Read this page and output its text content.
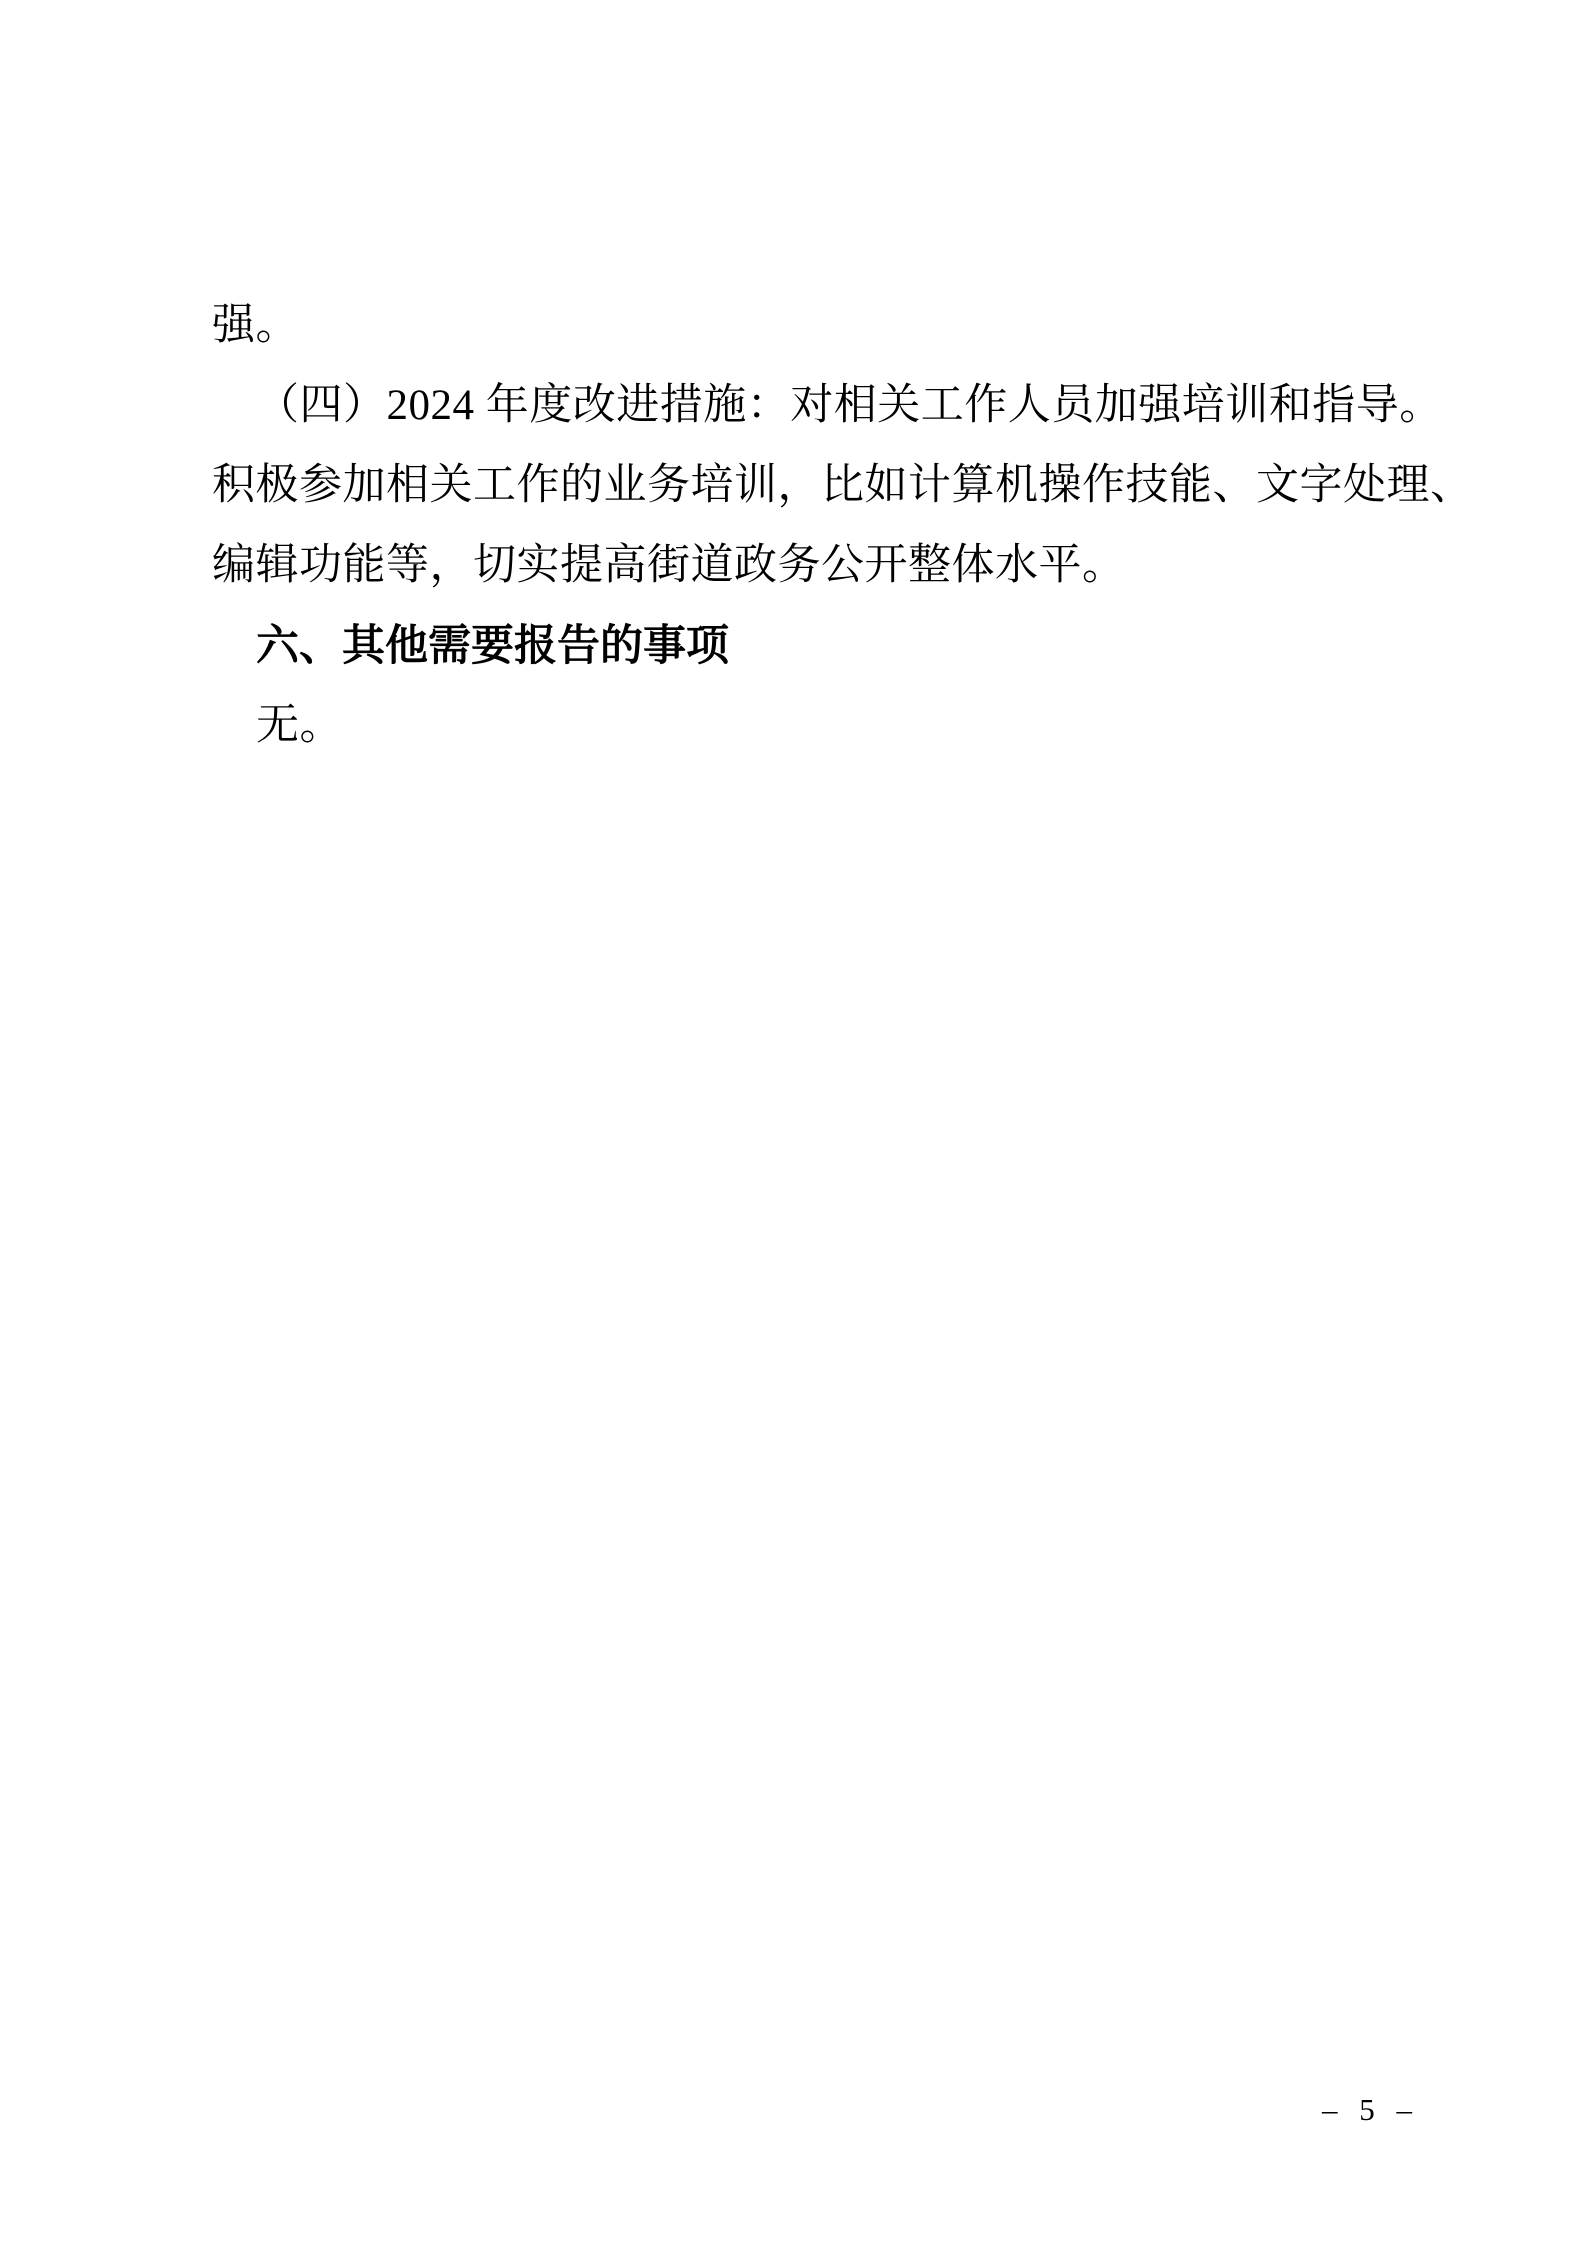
强。

（四）2024 年度改进措施：对相关工作人员加强培训和指导。

积极参加相关工作的业务培训，比如计算机操作技能、文字处理、

编辑功能等，切实提高街道政务公开整体水平。

六、其他需要报告的事项

无。

– 5 –
